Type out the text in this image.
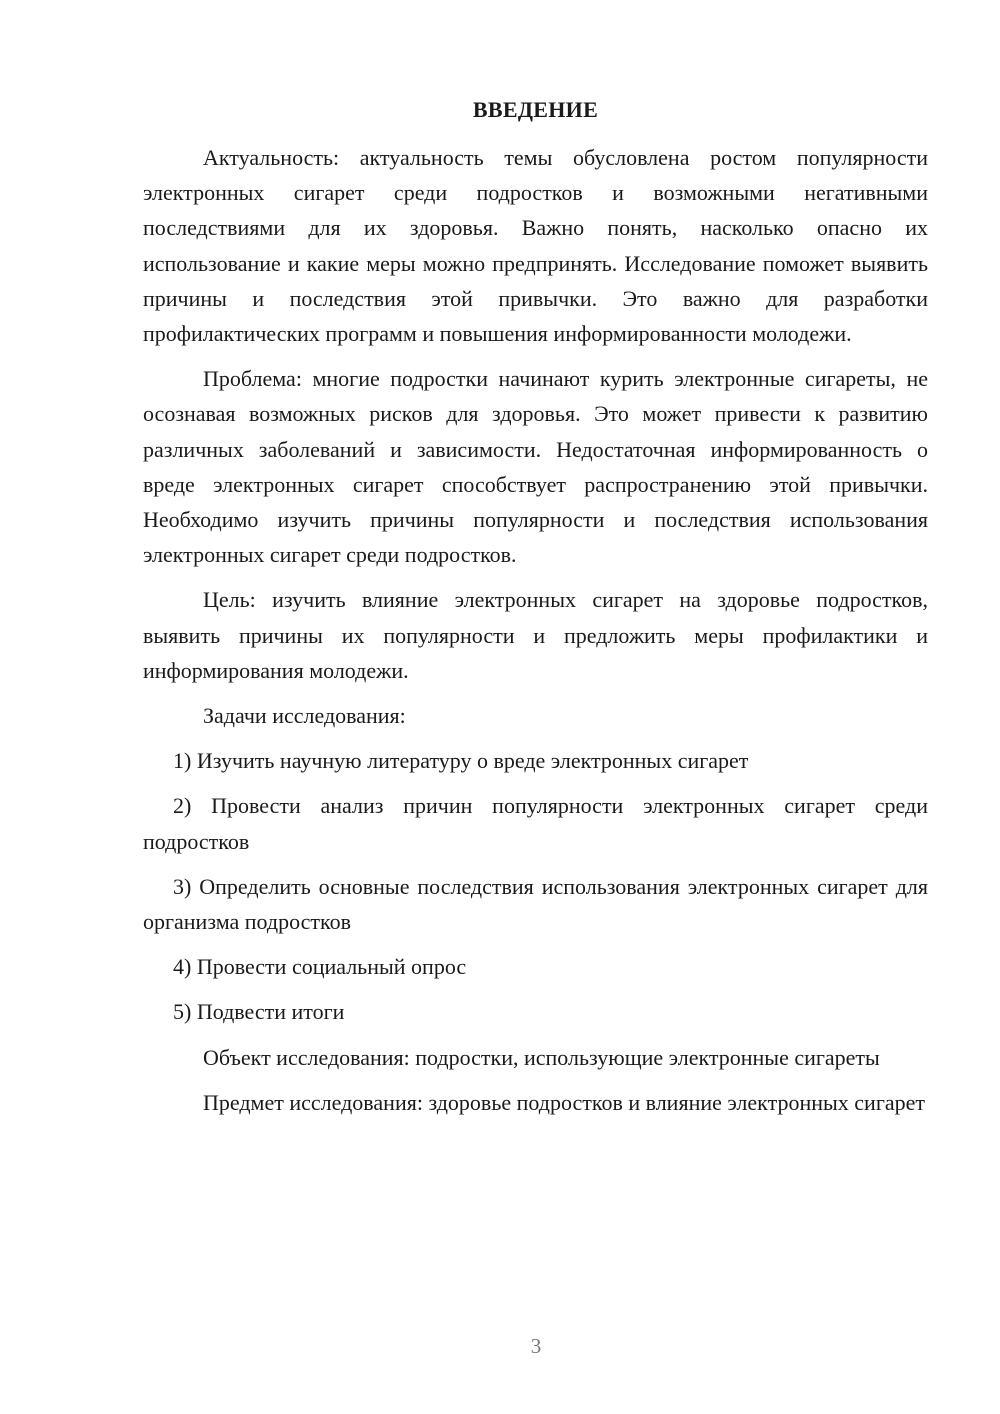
ВВЕДЕНИЕ

Актуальность: актуальность темы обусловлена ростом популярности электронных сигарет среди подростков и возможными негативными последствиями для их здоровья. Важно понять, насколько опасно их использование и какие меры можно предпринять. Исследование поможет выявить причины и последствия этой привычки. Это важно для разработки профилактических программ и повышения информированности молодежи.

Проблема: многие подростки начинают курить электронные сигареты, не осознавая возможных рисков для здоровья. Это может привести к развитию различных заболеваний и зависимости. Недостаточная информированность о вреде электронных сигарет способствует распространению этой привычки. Необходимо изучить причины популярности и последствия использования электронных сигарет среди подростков.

Цель: изучить влияние электронных сигарет на здоровье подростков, выявить причины их популярности и предложить меры профилактики и информирования молодежи.

Задачи исследования:

1) Изучить научную литературу о вреде электронных сигарет

2) Провести анализ причин популярности электронных сигарет среди подростков

3) Определить основные последствия использования электронных сигарет для организма подростков

4) Провести социальный опрос

5) Подвести итоги

Объект исследования: подростки, использующие электронные сигареты

Предмет исследования: здоровье подростков и влияние электронных сигарет

3
